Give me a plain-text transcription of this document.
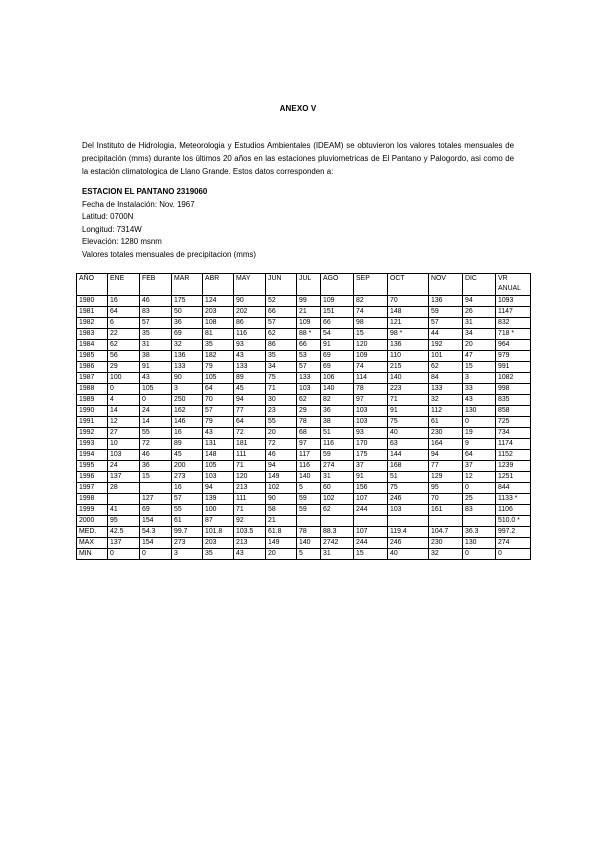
ANEXO V
Del Instituto de Hidrologia, Meteorologia y Estudios Ambientales (IDEAM) se obtuvieron los valores totales mensuales de precipitación (mms) durante los últimos 20 años en las estaciones pluviometricas de El Pantano y Palogordo, asi como de la estación climatologica de Llano Grande. Estos datos corresponden a:
ESTACION EL PANTANO 2319060
Fecha de Instalación: Nov. 1967
Latitud: 0700N
Longitud: 7314W
Elevación: 1280 msnm
Valores totales mensuales de precipitacion (mms)
AÑO	ENE	FEB	MAR	ABR	MAY	JUN	JUL	AGO	SEP	OCT	NOV	DIC	VR ANUAL
1980	16	46	175	124	90	52	99	109	82	70	136	94	1093
1981	64	83	50	203	202	66	21	151	74	148	59	26	1147
1982	6	57	36	108	86	57	109	66	98	121	57	31	832
1983	22	35	69	81	116	62	88 *	54	15	98 *	44	34	718 *
1984	62	31	32	35	93	86	66	91	120	136	192	20	964
1985	56	38	136	182	43	35	53	69	109	110	101	47	979
1986	29	91	133	79	133	34	57	69	74	215	62	15	991
1987	100	43	90	105	89	75	133	106	114	140	84	3	1082
1988	0	105	3	64	45	71	103	140	78	223	133	33	998
1989	4	0	250	70	94	30	62	82	97	71	32	43	835
1990	14	24	162	57	77	23	29	36	103	91	112	130	858
1991	12	14	146	79	64	55	78	38	103	75	61	0	725
1992	27	55	16	43	72	20	68	51	93	40	230	19	734
1993	10	72	89	131	181	72	97	116	170	63	164	9	1174
1994	103	46	45	148	111	46	117	59	175	144	94	64	1152
1995	24	36	200	105	71	94	116	274	37	168	77	37	1239
1996	137	15	273	103	120	149	140	31	91	51	129	12	1251
1997	28		16	94	213	102	5	60	156	75	95	0	844
1998		127	57	139	111	90	59	102	107	246	70	25	1133 *
1999	41	69	55	100	71	58	59	62	244	103	161	83	1106
2000	95	154	61	87	92	21							510.0 *
MED.	42.5	54.3	99.7	101.8	103.5	61.8	78	88.3	107	119.4	104.7	36.3	997.2
MAX	137	154	273	203	213	149	140	2742	244	246	230	130	274
MIN	0	0	3	35	43	20	5	31	15	40	32	0	0
